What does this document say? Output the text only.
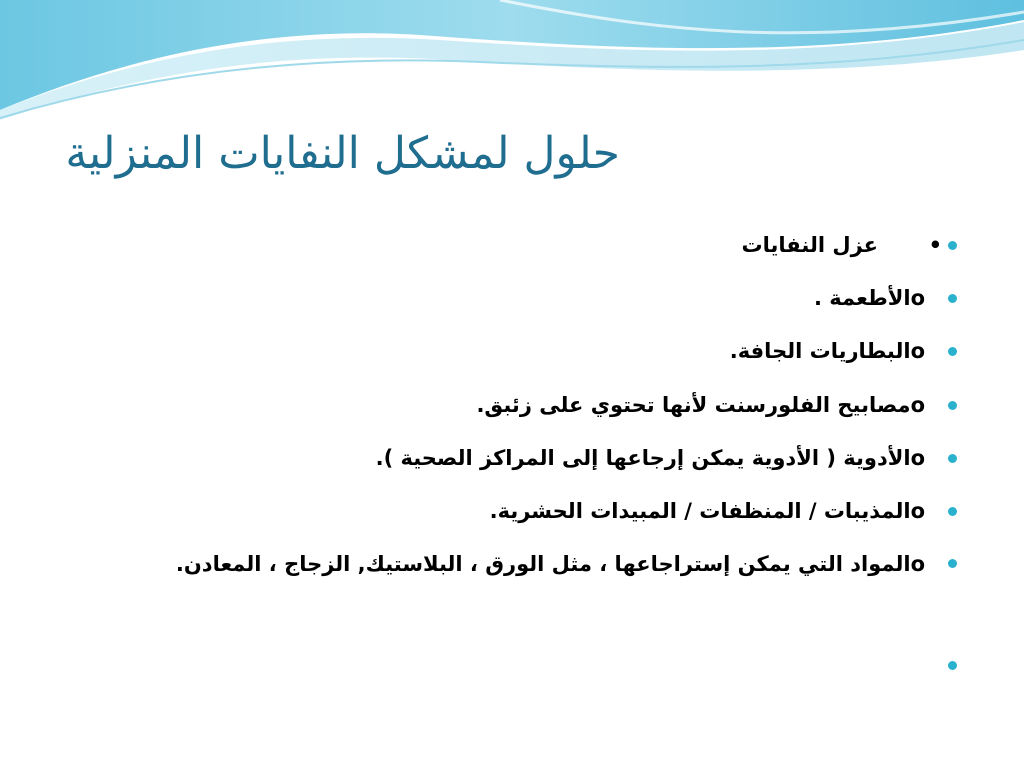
حلول لمشكل النفايات المنزلية
•
عزل النفايات
oالأطعمة .
oالبطاريات الجافة.
oمصابيح الفلورسنت لأنها تحتوي على زئبق.
oالأدوية ( الأدوية يمكن إرجاعها إلى المراكز الصحية ).
oالمذيبات / المنظفات / المبيدات الحشرية.
oالمواد التي يمكن إستراجاعها ، مثل الورق ، البلاستيك, الزجاج ، المعادن.
